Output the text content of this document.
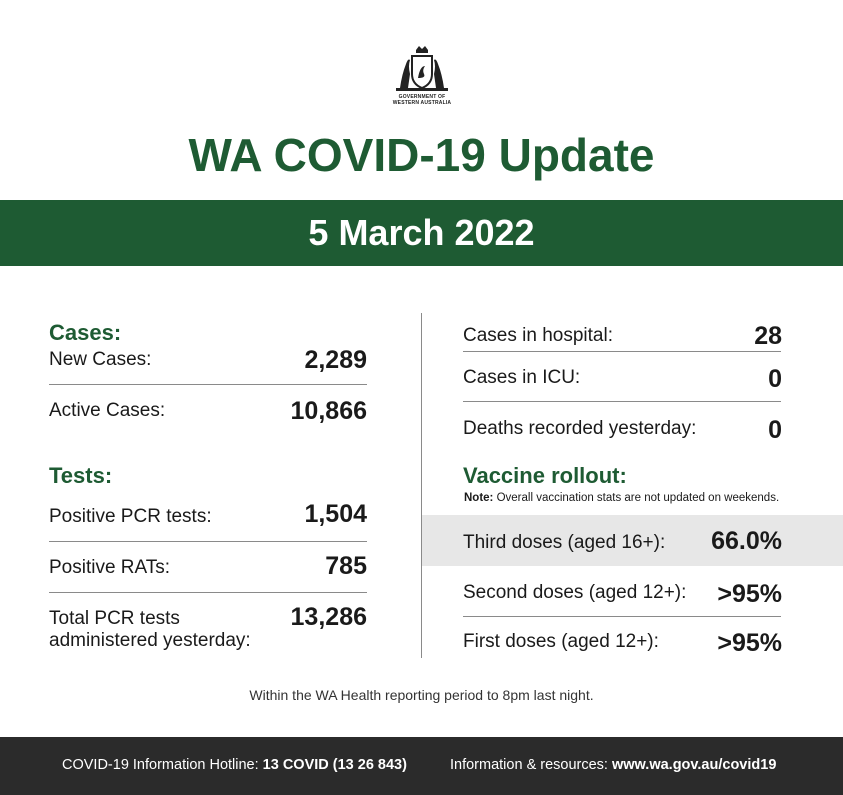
GOVERNMENT OF
WESTERN AUSTRALIA
WA COVID-19 Update
5 March 2022
Cases:
New Cases:	2,289
Active Cases:	10,866
Tests:
Positive PCR tests:	1,504
Positive RATs:	785
Total PCR tests
administered yesterday:
13,286
Cases in hospital:	28
Cases in ICU:	0
Deaths recorded yesterday:	0
Vaccine rollout:
Note: Overall vaccination stats are not updated on weekends.
Third doses (aged 16+): 66.0%
Second doses (aged 12+): >95%
First doses (aged 12+): >95%
Within the WA Health reporting period to 8pm last night.
COVID-19 Information Hotline: 13 COVID (13 26 843)	Information & resources: www.wa.gov.au/covid19
